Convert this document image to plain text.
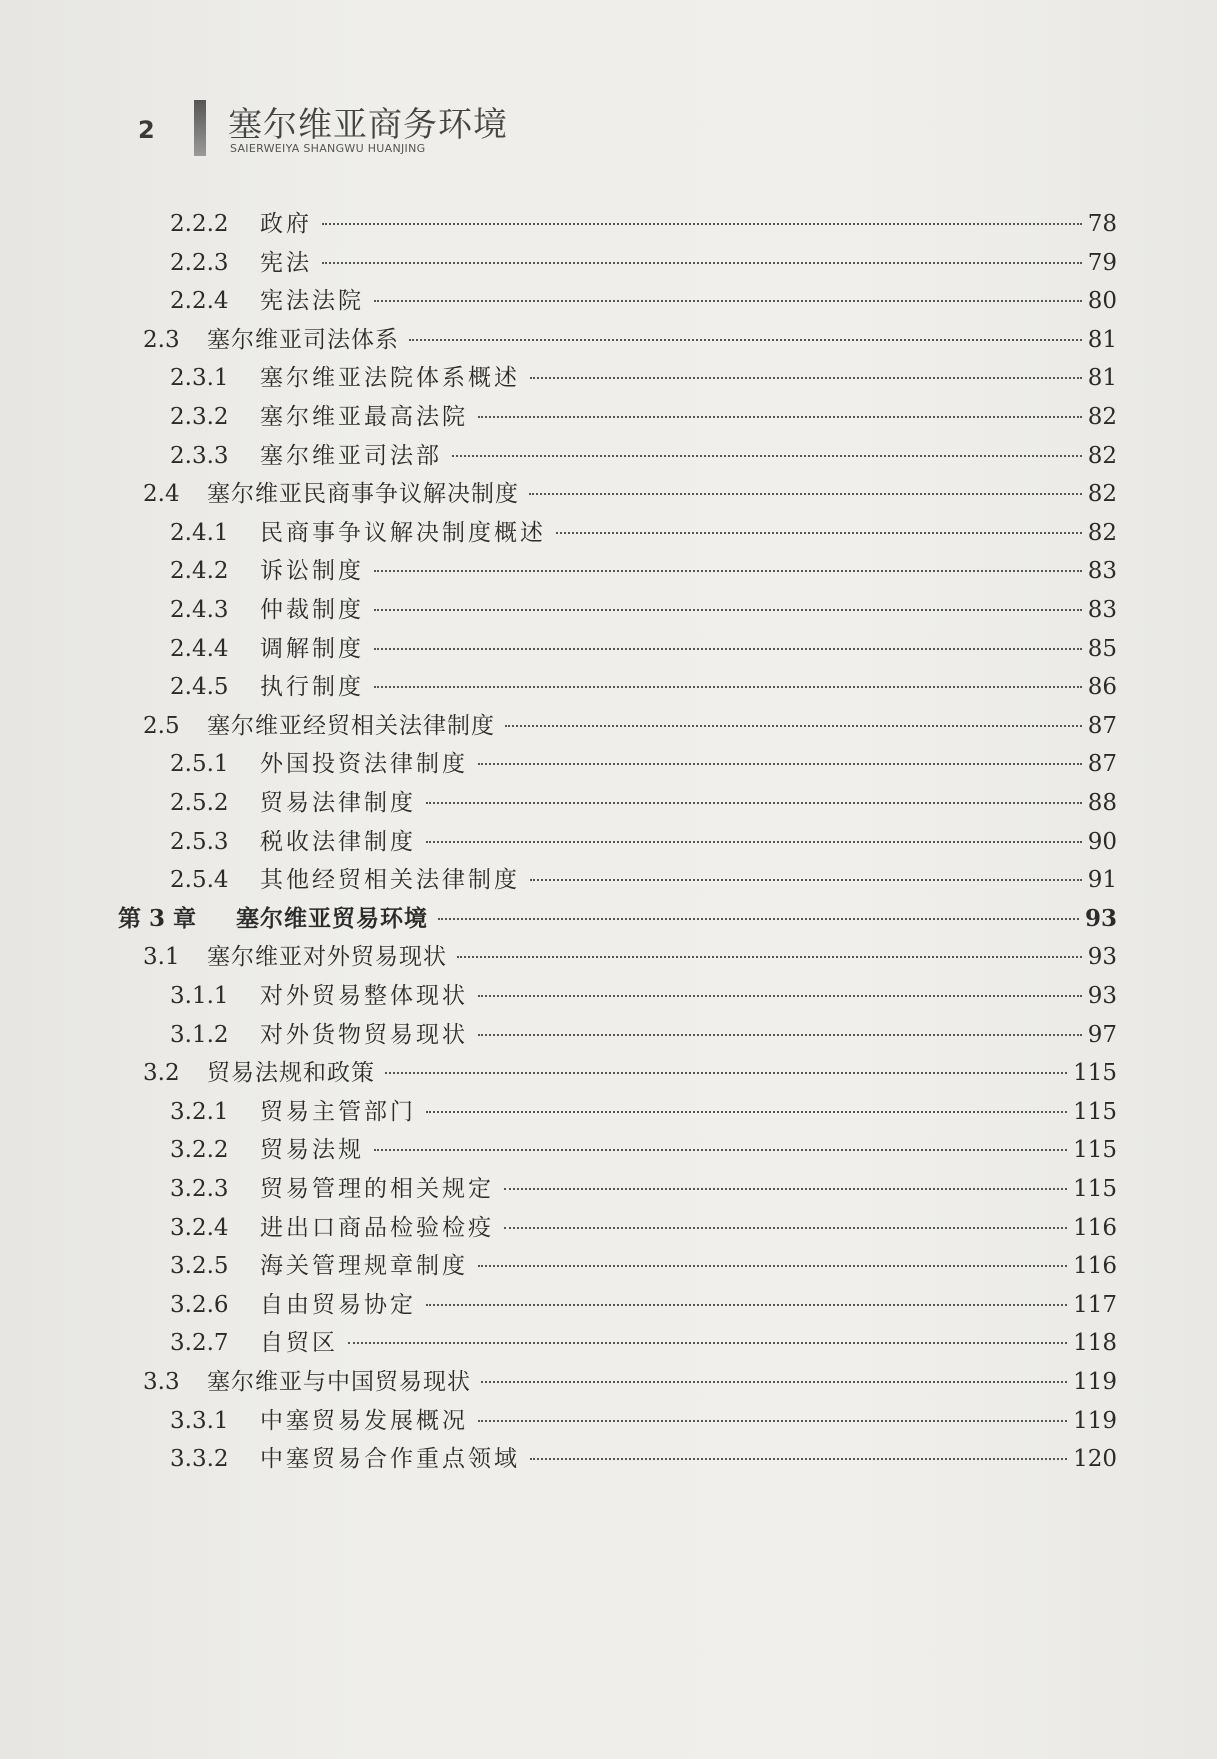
2 塞尔维亚商务环境
SAIERWEIYA SHANGWU HUANJING
2.2.2	政府	78
2.2.3	宪法	79
2.2.4	宪法法院	80
2.3	塞尔维亚司法体系	81
2.3.1	塞尔维亚法院体系概述	81
2.3.2	塞尔维亚最高法院	82
2.3.3	塞尔维亚司法部	82
2.4	塞尔维亚民商事争议解决制度	82
2.4.1	民商事争议解决制度概述	82
2.4.2	诉讼制度	83
2.4.3	仲裁制度	83
2.4.4	调解制度	85
2.4.5	执行制度	86
2.5	塞尔维亚经贸相关法律制度	87
2.5.1	外国投资法律制度	87
2.5.2	贸易法律制度	88
2.5.3	税收法律制度	90
2.5.4	其他经贸相关法律制度	91
第 3 章	塞尔维亚贸易环境	93
3.1	塞尔维亚对外贸易现状	93
3.1.1	对外贸易整体现状	93
3.1.2	对外货物贸易现状	97
3.2	贸易法规和政策	115
3.2.1	贸易主管部门	115
3.2.2	贸易法规	115
3.2.3	贸易管理的相关规定	115
3.2.4	进出口商品检验检疫	116
3.2.5	海关管理规章制度	116
3.2.6	自由贸易协定	117
3.2.7	自贸区	118
3.3	塞尔维亚与中国贸易现状	119
3.3.1	中塞贸易发展概况	119
3.3.2	中塞贸易合作重点领域	120
